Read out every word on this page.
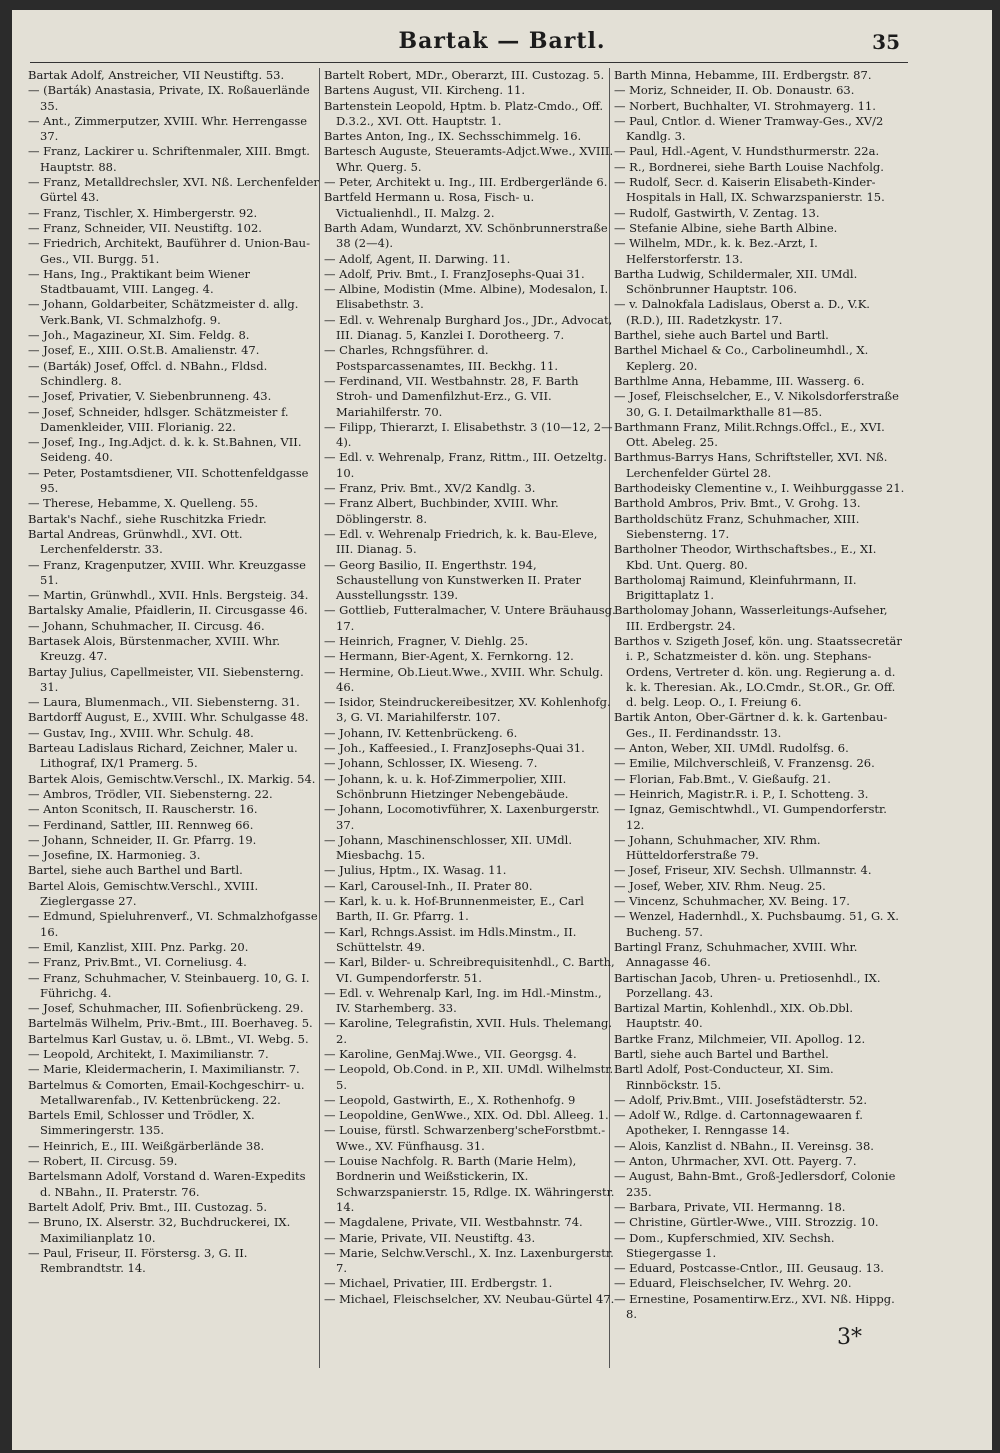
Bartak — Bartl.	35

Bartak Adolf, Anstreicher, VII Neustiftg. 53.

— (Barták) Anastasia, Private, IX. Roßauerlände 35.

— Ant., Zimmerputzer, XVIII. Whr. Herrengasse 37.

— Franz, Lackirer u. Schriftenmaler, XIII. Bmgt. Hauptstr. 88.

— Franz, Metalldrechsler, XVI. Nß. Lerchenfelder Gürtel 43.

— Franz, Tischler, X. Himbergerstr. 92.

— Franz, Schneider, VII. Neustiftg. 102.

— Friedrich, Architekt, Bauführer d. Union-Bau-Ges., VII. Burgg. 51.

— Hans, Ing., Praktikant beim Wiener Stadtbauamt, VIII. Langeg. 4.

— Johann, Goldarbeiter, Schätzmeister d. allg. Verk.Bank, VI. Schmalzhofg. 9.

— Joh., Magazineur, XI. Sim. Feldg. 8.

— Josef, E., XIII. O.St.B. Amalienstr. 47.

— (Barták) Josef, Offcl. d. NBahn., Fldsd. Schindlerg. 8.

— Josef, Privatier, V. Siebenbrunneng. 43.

— Josef, Schneider, hdlsger. Schätzmeister f. Damenkleider, VIII. Florianig. 22.

— Josef, Ing., Ing.Adjct. d. k. k. St.Bahnen, VII. Seideng. 40.

— Peter, Postamtsdiener, VII. Schottenfeldgasse 95.

— Therese, Hebamme, X. Quelleng. 55.

Bartak's Nachf., siehe Ruschitzka Friedr.

Bartal Andreas, Grünwhdl., XVI. Ott. Lerchenfelderstr. 33.

— Franz, Kragenputzer, XVIII. Whr. Kreuzgasse 51.

— Martin, Grünwhdl., XVII. Hnls. Bergsteig. 34.

Bartalsky Amalie, Pfaidlerin, II. Circusgasse 46.

— Johann, Schuhmacher, II. Circusg. 46.

Bartasek Alois, Bürstenmacher, XVIII. Whr. Kreuzg. 47.

Bartay Julius, Capellmeister, VII. Siebensterng. 31.

— Laura, Blumenmach., VII. Siebensterng. 31.

Bartdorff August, E., XVIII. Whr. Schulgasse 48.

— Gustav, Ing., XVIII. Whr. Schulg. 48.

Barteau Ladislaus Richard, Zeichner, Maler u. Lithograf, IX/1 Pramerg. 5.

Bartek Alois, Gemischtw.Verschl., IX. Markig. 54.

— Ambros, Trödler, VII. Siebensterng. 22.

— Anton Sconitsch, II. Rauscherstr. 16.

— Ferdinand, Sattler, III. Rennweg 66.

— Johann, Schneider, II. Gr. Pfarrg. 19.

— Josefine, IX. Harmonieg. 3.

Bartel, siehe auch Barthel und Bartl.

Bartel Alois, Gemischtw.Verschl., XVIII. Zieglergasse 27.

— Edmund, Spieluhrenverf., VI. Schmalzhofgasse 16.

— Emil, Kanzlist, XIII. Pnz. Parkg. 20.

— Franz, Priv.Bmt., VI. Corneliusg. 4.

— Franz, Schuhmacher, V. Steinbauerg. 10, G. I. Führichg. 4.

— Josef, Schuhmacher, III. Sofienbrückeng. 29.

Bartelmäs Wilhelm, Priv.-Bmt., III. Boerhaveg. 5.

Bartelmus Karl Gustav, u. ö. LBmt., VI. Webg. 5.

— Leopold, Architekt, I. Maximilianstr. 7.

— Marie, Kleidermacherin, I. Maximilianstr. 7.

Bartelmus & Comorten, Email-Kochgeschirr- u. Metallwarenfab., IV. Kettenbrückeng. 22.

Bartels Emil, Schlosser und Trödler, X. Simmeringerstr. 135.

— Heinrich, E., III. Weißgärberlände 38.

— Robert, II. Circusg. 59.

Bartelsmann Adolf, Vorstand d. Waren-Expedits d. NBahn., II. Praterstr. 76.

Bartelt Adolf, Priv. Bmt., III. Custozag. 5.

— Bruno, IX. Alserstr. 32, Buchdruckerei, IX. Maximilianplatz 10.

— Paul, Friseur, II. Förstersg. 3, G. II. Rembrandtstr. 14.

Bartelt Robert, MDr., Oberarzt, III. Custozag. 5.

Bartens August, VII. Kircheng. 11.

Bartenstein Leopold, Hptm. b. Platz-Cmdo., Off. D.3.2., XVI. Ott. Hauptstr. 1.

Bartes Anton, Ing., IX. Sechsschimmelg. 16.

Bartesch Auguste, Steueramts-Adjct.Wwe., XVIII. Whr. Querg. 5.

— Peter, Architekt u. Ing., III. Erdbergerlände 6.

Bartfeld Hermann u. Rosa, Fisch- u. Victualienhdl., II. Malzg. 2.

Barth Adam, Wundarzt, XV. Schönbrunnerstraße 38 (2—4).

— Adolf, Agent, II. Darwing. 11.

— Adolf, Priv. Bmt., I. FranzJosephs-Quai 31.

— Albine, Modistin (Mme. Albine), Modesalon, I. Elisabethstr. 3.

— Edl. v. Wehrenalp Burghard Jos., JDr., Advocat, III. Dianag. 5, Kanzlei I. Dorotheerg. 7.

— Charles, Rchngsführer. d. Postsparcassenamtes, III. Beckhg. 11.

— Ferdinand, VII. Westbahnstr. 28, F. Barth Stroh- und Damenfilzhut-Erz., G. VII. Mariahilferstr. 70.

— Filipp, Thierarzt, I. Elisabethstr. 3 (10—12, 2—4).

— Edl. v. Wehrenalp, Franz, Rittm., III. Oetzeltg. 10.

— Franz, Priv. Bmt., XV/2 Kandlg. 3.

— Franz Albert, Buchbinder, XVIII. Whr. Döblingerstr. 8.

— Edl. v. Wehrenalp Friedrich, k. k. Bau-Eleve, III. Dianag. 5.

— Georg Basilio, II. Engerthstr. 194, Schaustellung von Kunstwerken II. Prater Ausstellungsstr. 139.

— Gottlieb, Futteralmacher, V. Untere Bräuhausg. 17.

— Heinrich, Fragner, V. Diehlg. 25.

— Hermann, Bier-Agent, X. Fernkorng. 12.

— Hermine, Ob.Lieut.Wwe., XVIII. Whr. Schulg. 46.

— Isidor, Steindruckereibesitzer, XV. Kohlenhofg. 3, G. VI. Mariahilferstr. 107.

— Johann, IV. Kettenbrückeng. 6.

— Joh., Kaffeesied., I. FranzJosephs-Quai 31.

— Johann, Schlosser, IX. Wieseng. 7.

— Johann, k. u. k. Hof-Zimmerpolier, XIII. Schönbrunn Hietzinger Nebengebäude.

— Johann, Locomotivführer, X. Laxenburgerstr. 37.

— Johann, Maschinenschlosser, XII. UMdl. Miesbachg. 15.

— Julius, Hptm., IX. Wasag. 11.

— Karl, Carousel-Inh., II. Prater 80.

— Karl, k. u. k. Hof-Brunnenmeister, E., Carl Barth, II. Gr. Pfarrg. 1.

— Karl, Rchngs.Assist. im Hdls.Minstm., II. Schüttelstr. 49.

— Karl, Bilder- u. Schreibrequisitenhdl., C. Barth, VI. Gumpendorferstr. 51.

— Edl. v. Wehrenalp Karl, Ing. im Hdl.-Minstm., IV. Starhemberg. 33.

— Karoline, Telegrafistin, XVII. Huls. Thelemang. 2.

— Karoline, GenMaj.Wwe., VII. Georgsg. 4.

— Leopold, Ob.Cond. in P., XII. UMdl. Wilhelmstr. 5.

— Leopold, Gastwirth, E., X. Rothenhofg. 9

— Leopoldine, GenWwe., XIX. Od. Dbl. Alleeg. 1.

— Louise, fürstl. Schwarzenberg'scheForstbmt.-Wwe., XV. Fünfhausg. 31.

— Louise Nachfolg. R. Barth (Marie Helm), Bordnerin und Weißstickerin, IX. Schwarzspanierstr. 15, Rdlge. IX. Währingerstr. 14.

— Magdalene, Private, VII. Westbahnstr. 74.

— Marie, Private, VII. Neustiftg. 43.

— Marie, Selchw.Verschl., X. Inz. Laxenburgerstr. 7.

— Michael, Privatier, III. Erdbergstr. 1.

— Michael, Fleischselcher, XV. Neubau-Gürtel 47.

Barth Minna, Hebamme, III. Erdbergstr. 87.

— Moriz, Schneider, II. Ob. Donaustr. 63.

— Norbert, Buchhalter, VI. Strohmayerg. 11.

— Paul, Cntlor. d. Wiener Tramway-Ges., XV/2 Kandlg. 3.

— Paul, Hdl.-Agent, V. Hundsthurmerstr. 22a.

— R., Bordnerei, siehe Barth Louise Nachfolg.

— Rudolf, Secr. d. Kaiserin Elisabeth-Kinder-Hospitals in Hall, IX. Schwarzspanierstr. 15.

— Rudolf, Gastwirth, V. Zentag. 13.

— Stefanie Albine, siehe Barth Albine.

— Wilhelm, MDr., k. k. Bez.-Arzt, I. Helferstorferstr. 13.

Bartha Ludwig, Schildermaler, XII. UMdl. Schönbrunner Hauptstr. 106.

— v. Dalnokfala Ladislaus, Oberst a. D., V.K. (R.D.), III. Radetzkystr. 17.

Barthel, siehe auch Bartel und Bartl.

Barthel Michael & Co., Carbolineumhdl., X. Keplerg. 20.

Barthlme Anna, Hebamme, III. Wasserg. 6.

— Josef, Fleischselcher, E., V. Nikolsdorferstraße 30, G. I. Detailmarkthalle 81—85.

Barthmann Franz, Milit.Rchngs.Offcl., E., XVI. Ott. Abeleg. 25.

Barthmus-Barrys Hans, Schriftsteller, XVI. Nß. Lerchenfelder Gürtel 28.

Barthodeisky Clementine v., I. Weihburggasse 21.

Barthold Ambros, Priv. Bmt., V. Grohg. 13.

Bartholdschütz Franz, Schuhmacher, XIII. Siebensterng. 17.

Bartholner Theodor, Wirthschaftsbes., E., XI. Kbd. Unt. Querg. 80.

Bartholomaj Raimund, Kleinfuhrmann, II. Brigittaplatz 1.

Bartholomay Johann, Wasserleitungs-Aufseher, III. Erdbergstr. 24.

Barthos v. Szigeth Josef, kön. ung. Staatssecretär i. P., Schatzmeister d. kön. ung. Stephans-Ordens, Vertreter d. kön. ung. Regierung a. d. k. k. Theresian. Ak., LO.Cmdr., St.OR., Gr. Off. d. belg. Leop. O., I. Freiung 6.

Bartik Anton, Ober-Gärtner d. k. k. Gartenbau-Ges., II. Ferdinandsstr. 13.

— Anton, Weber, XII. UMdl. Rudolfsg. 6.

— Emilie, Milchverschleiß, V. Franzensg. 26.

— Florian, Fab.Bmt., V. Gießaufg. 21.

— Heinrich, Magistr.R. i. P., I. Schotteng. 3.

— Ignaz, Gemischtwhdl., VI. Gumpendorferstr. 12.

— Johann, Schuhmacher, XIV. Rhm. Hütteldorferstraße 79.

— Josef, Friseur, XIV. Sechsh. Ullmannstr. 4.

— Josef, Weber, XIV. Rhm. Neug. 25.

— Vincenz, Schuhmacher, XV. Being. 17.

— Wenzel, Hadernhdl., X. Puchsbaumg. 51, G. X. Bucheng. 57.

Bartingl Franz, Schuhmacher, XVIII. Whr. Annagasse 46.

Bartischan Jacob, Uhren- u. Pretiosenhdl., IX. Porzellang. 43.

Bartizal Martin, Kohlenhdl., XIX. Ob.Dbl. Hauptstr. 40.

Bartke Franz, Milchmeier, VII. Apollog. 12.

Bartl, siehe auch Bartel und Barthel.

Bartl Adolf, Post-Conducteur, XI. Sim. Rinnböckstr. 15.

— Adolf, Priv.Bmt., VIII. Josefstädterstr. 52.

— Adolf W., Rdlge. d. Cartonnagewaaren f. Apotheker, I. Renngasse 14.

— Alois, Kanzlist d. NBahn., II. Vereinsg. 38.

— Anton, Uhrmacher, XVI. Ott. Payerg. 7.

— August, Bahn-Bmt., Groß-Jedlersdorf, Colonie 235.

— Barbara, Private, VII. Hermanng. 18.

— Christine, Gürtler-Wwe., VIII. Strozzig. 10.

— Dom., Kupferschmied, XIV. Sechsh. Stiegergasse 1.

— Eduard, Postcasse-Cntlor., III. Geusaug. 13.

— Eduard, Fleischselcher, IV. Wehrg. 20.

— Ernestine, Posamentirw.Erz., XVI. Nß. Hippg. 8.

3*
